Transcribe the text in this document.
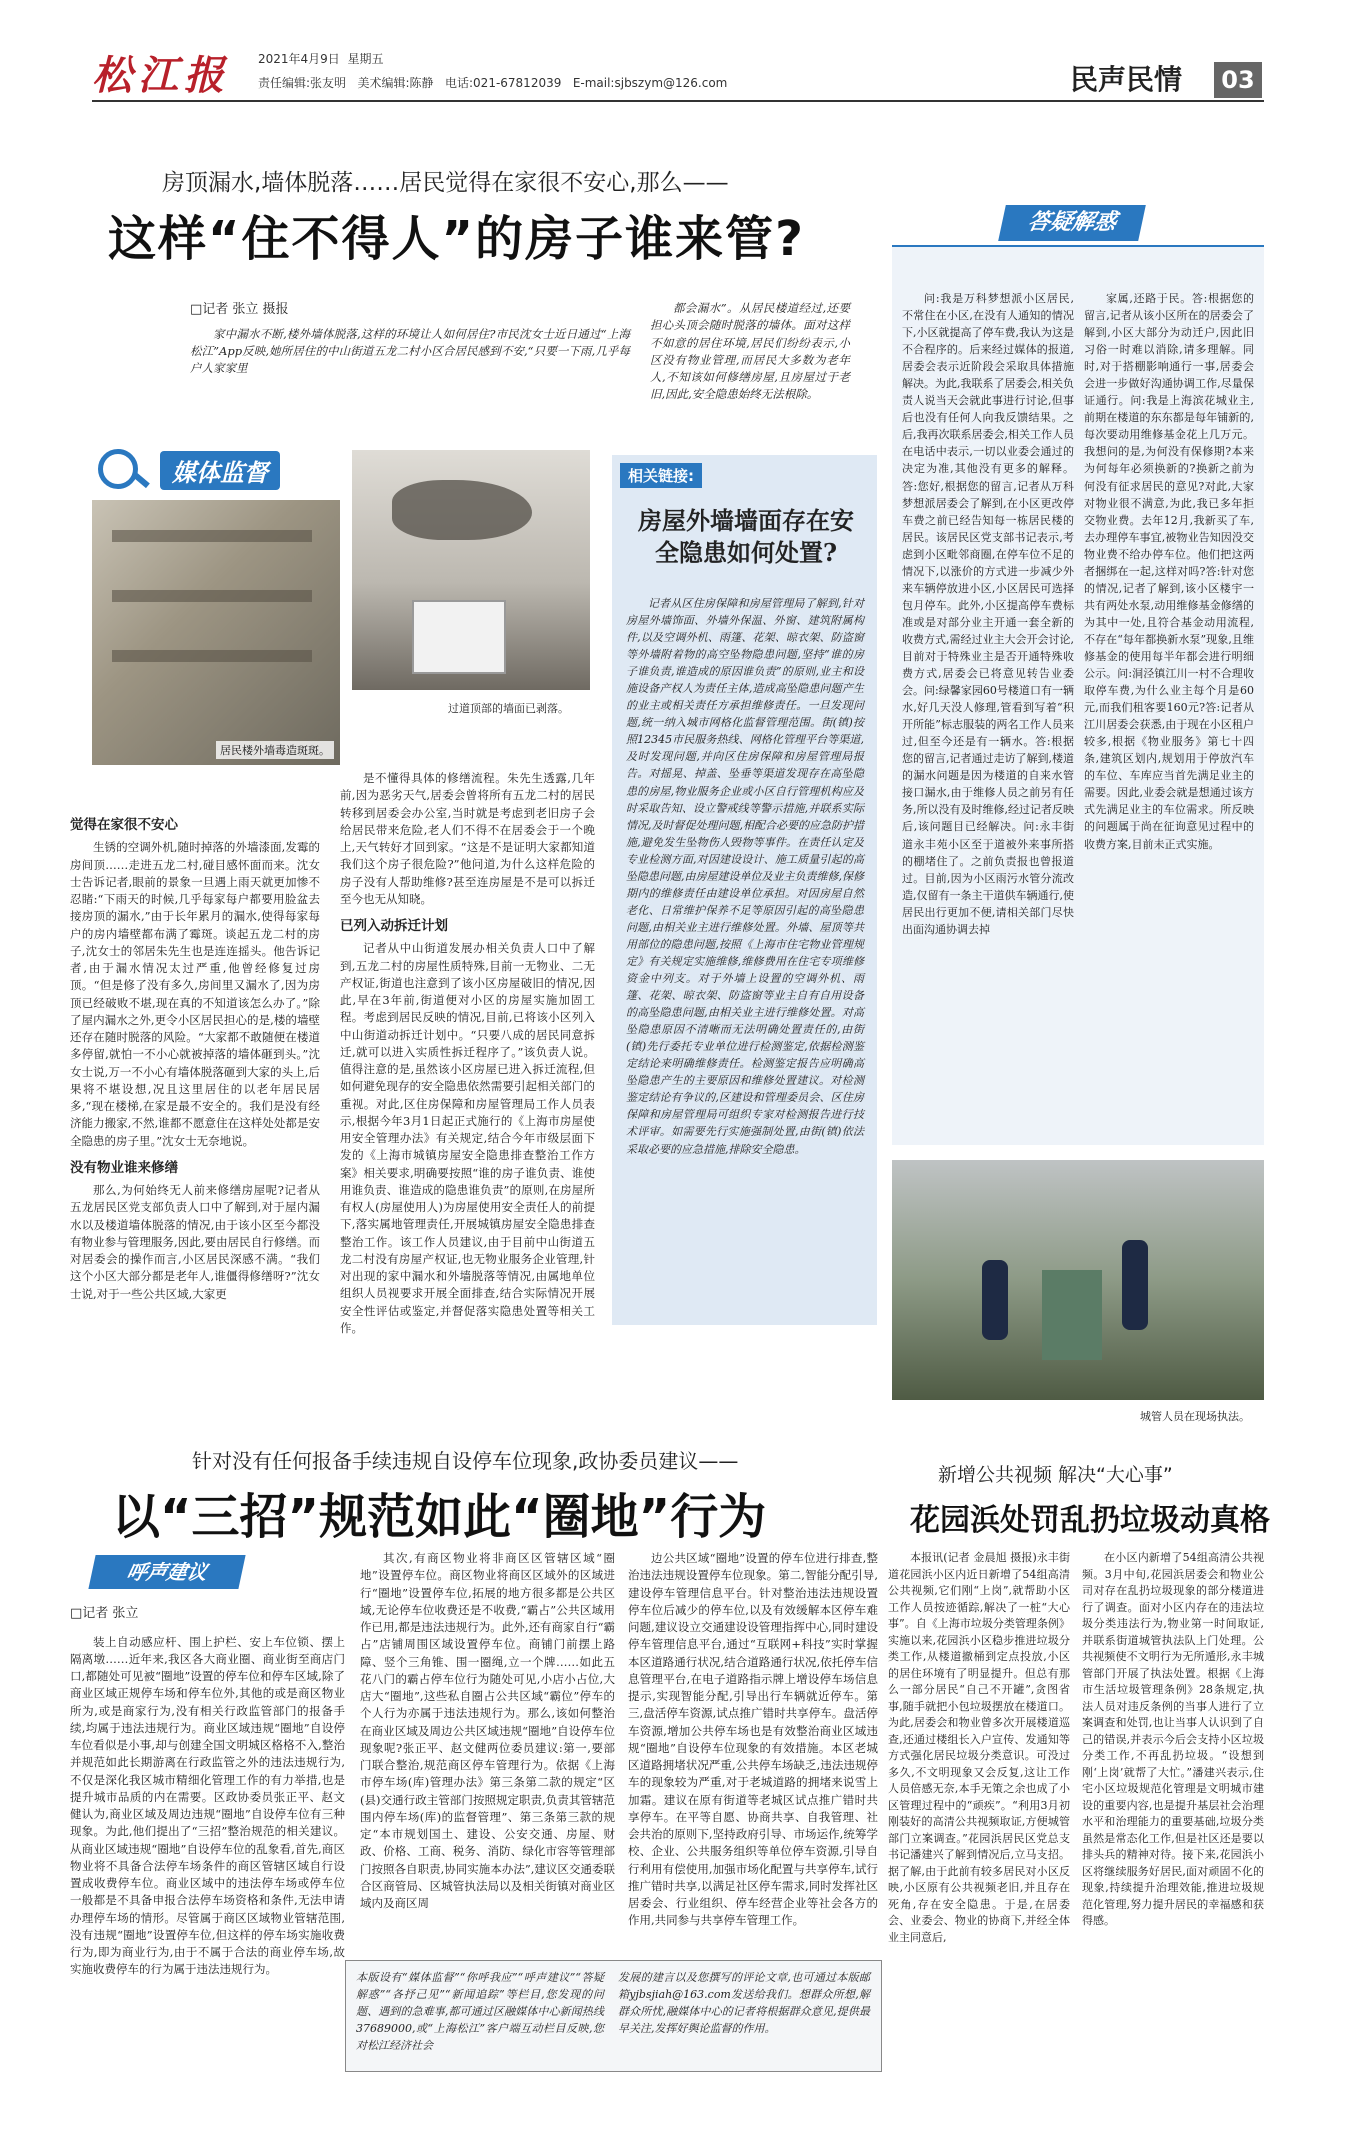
松江报 2021年4月9日 星期五
责任编辑:张友明 美术编辑:陈静 电话:021-67812039 E-mail:sjbszym@126.com	民声民情	03
房顶漏水,墙体脱落……居民觉得在家很不安心,那么——
这样“住不得人”的房子谁来管?
□记者 张立 摄报

家中漏水不断,楼外墙体脱落,这样的环境让人如何居住?市民沈女士近日通过“上海松江”App反映,她所居住的中山街道五龙二村小区合居民感到不安,“只要一下雨,几乎每户人家家里

都会漏水”。从居民楼道经过,还要担心头顶会随时脱落的墙体。面对这样不如意的居住环境,居民们纷纷表示,小区没有物业管理,而居民大多数为老年人,不知该如何修缮房屋,且房屋过于老旧,因此,安全隐患始终无法根除。

媒体监督
居民楼外墙毒造斑斑。
过道顶部的墙面已剥落。
觉得在家很不安心

生锈的空调外机,随时掉落的外墙漆面,发霉的房间顶……走进五龙二村,碰目感怀面而来。沈女士告诉记者,眼前的景象一旦遇上雨天就更加惨不忍睹:“下雨天的时候,几乎每家每户都要用脸盆去接房顶的漏水,”由于长年累月的漏水,使得每家每户的房内墙壁都布满了霉斑。谈起五龙二村的房子,沈女士的邻居朱先生也是连连摇头。他告诉记者,由于漏水情况太过严重,他曾经修复过房顶。“但是修了没有多久,房间里又漏水了,因为房顶已经破败不堪,现在真的不知道该怎么办了。”除了屋内漏水之外,更令小区居民担心的是,楼的墙壁还存在随时脱落的风险。“大家都不敢随便在楼道多停留,就怕一不小心就被掉落的墙体砸到头。”沈女士说,万一不小心有墙体脱落砸到大家的头上,后果将不堪设想,况且这里居住的以老年居民居多,“现在楼梯,在家是最不安全的。我们是没有经济能力搬家,不然,谁都不愿意住在这样处处都是安全隐患的房子里。”沈女士无奈地说。

没有物业谁来修缮

那么,为何始终无人前来修缮房屋呢?记者从五龙居民区党支部负责人口中了解到,对于屋内漏水以及楼道墙体脱落的情况,由于该小区至今都没有物业参与管理服务,因此,要由居民自行修缮。而对居委会的操作而言,小区居民深感不满。“我们这个小区大部分都是老年人,谁僵得修缮呀?”沈女士说,对于一些公共区域,大家更

是不懂得具体的修缮流程。朱先生透露,几年前,因为恶劣天气,居委会曾将所有五龙二村的居民转移到居委会办公室,当时就是考虑到老旧房子会给居民带来危险,老人们不得不在居委会于一个晚上,天气转好才回到家。“这是不是证明大家都知道我们这个房子很危险?”他问道,为什么这样危险的房子没有人帮助维修?甚至连房屋是不是可以拆迁至今也无从知晓。

已列入动拆迁计划

记者从中山街道发展办相关负责人口中了解到,五龙二村的房屋性质特殊,目前一无物业、二无产权证,街道也注意到了该小区房屋破旧的情况,因此,早在3年前,街道便对小区的房屋实施加固工程。考虑到居民反映的情况,目前,已将该小区列入中山街道动拆迁计划中。“只要八成的居民同意拆迁,就可以进入实质性拆迁程序了。”该负责人说。值得注意的是,虽然该小区房屋已进入拆迁流程,但如何避免现存的安全隐患依然需要引起相关部门的重视。对此,区住房保障和房屋管理局工作人员表示,根据今年3月1日起正式施行的《上海市房屋使用安全管理办法》有关规定,结合今年市级层面下发的《上海市城镇房屋安全隐患排查整治工作方案》相关要求,明确要按照“谁的房子谁负责、谁使用谁负责、谁造成的隐患谁负责”的原则,在房屋所有权人(房屋使用人)为房屋使用安全责任人的前提下,落实属地管理责任,开展城镇房屋安全隐患排查整治工作。该工作人员建议,由于目前中山街道五龙二村没有房屋产权证,也无物业服务企业管理,针对出现的家中漏水和外墙脱落等情况,由属地单位组织人员视要求开展全面排查,结合实际情况开展安全性评估或鉴定,并督促落实隐患处置等相关工作。

相关链接:
房屋外墙墙面存在安全隐患如何处置?

记者从区住房保障和房屋管理局了解到,针对房屋外墙饰面、外墙外保温、外窗、建筑附属构件,以及空调外机、雨篷、花架、晾衣架、防盗窗等外墙附着物的高空坠物隐患问题,坚持“谁的房子谁负责,谁造成的原因谁负责”的原则,业主和设施设备产权人为责任主体,造成高坠隐患问题产生的业主或相关责任方承担维修责任。一旦发现问题,统一纳入城市网格化监督管理范围。街(镇)按照12345市民服务热线、网格化管理平台等渠道,及时发现问题,并向区住房保障和房屋管理局报告。对摇晃、掉盖、坠垂等渠道发现存在高坠隐患的房屋,物业服务企业或小区自行管理机构应及时采取告知、设立警戒线等警示措施,并联系实际情况,及时督促处理问题,相配合必要的应急防护措施,避免发生坠物伤人毁物等事件。在责任认定及专业检测方面,对因建设设计、施工质量引起的高坠隐患问题,由房屋建设单位及业主负责维修,保修期内的维修责任由建设单位承担。对因房屋自然老化、日常维护保养不足等原因引起的高坠隐患问题,由相关业主进行维修处置。外墙、屋顶等共用部位的隐患问题,按照《上海市住宅物业管理规定》有关规定实施维修,维修费用在住宅专项维修资金中列支。对于外墙上设置的空调外机、雨篷、花架、晾衣架、防盗窗等业主自有自用设备的高坠隐患问题,由相关业主进行维修处置。对高坠隐患原因不清晰而无法明确处置责任的,由街(镇)先行委托专业单位进行检测鉴定,依据检测鉴定结论来明确维修责任。检测鉴定报告应明确高坠隐患产生的主要原因和维修处置建议。对检测鉴定结论有争议的,区建设和管理委员会、区住房保障和房屋管理局可组织专家对检测报告进行技术评审。如需要先行实施强制处置,由街(镇)依法采取必要的应急措施,排除安全隐患。

答疑解惑

问:我是万科梦想派小区居民,不常住在小区,在没有人通知的情况下,小区就提高了停车费,我认为这是不合程序的。后来经过媒体的报道,居委会表示近阶段会采取具体措施解决。为此,我联系了居委会,相关负责人说当天会就此事进行讨论,但事后也没有任何人向我反馈结果。之后,我再次联系居委会,相关工作人员在电话中表示,一切以业委会通过的决定为准,其他没有更多的解释。答:您好,根据您的留言,记者从万科梦想派居委会了解到,在小区更改停车费之前已经告知每一栋居民楼的居民。该居民区党支部书记表示,考虑到小区毗邻商圈,在停车位不足的情况下,以涨价的方式进一步减少外来车辆停放进小区,小区居民可选择包月停车。此外,小区提高停车费标准或是对部分业主开通一套全新的收费方式,需经过业主大会开会讨论,目前对于特殊业主是否开通特殊收费方式,居委会已将意见转告业委会。问:绿馨家园60号楼道口有一辆水,好几天没人修理,管看到写着“积开所能”标志服装的两名工作人员来过,但至今还是有一辆水。答:根据您的留言,记者通过走访了解到,楼道的漏水问题是因为楼道的自来水管接口漏水,由于维修人员之前另有任务,所以没有及时维修,经过记者反映后,该问题目已经解决。问:永丰街道永丰苑小区至于道被外来事所搭的棚堵住了。之前负责报也曾报道过。目前,因为小区雨污水管分流改造,仅留有一条主干道供车辆通行,使居民出行更加不便,请相关部门尽快出面沟通协调去掉

家属,还路于民。答:根据您的留言,记者从该小区所在的居委会了解到,小区大部分为动迁户,因此旧习俗一时难以消除,请多理解。同时,对于搭棚影响通行一事,居委会会进一步做好沟通协调工作,尽量保证通行。问:我是上海滨花城业主,前期在楼道的东东都是每年铺新的,每次要动用维修基金花上几万元。我想问的是,为何没有保修期?本来为何每年必须换新的?换新之前为何没有征求居民的意见?对此,大家对物业很不满意,为此,我已多年拒交物业费。去年12月,我新买了车,去办理停车事宜,被物业告知因没交物业费不给办停车位。他们把这两者捆绑在一起,这样对吗?答:针对您的情况,记者了解到,该小区楼宇一共有两处水泵,动用维修基金修缮的为其中一处,且符合基金动用流程,不存在“每年都换新水泵”现象,且维修基金的使用每半年都会进行明细公示。问:洞泾镇江川一村不合理收取停车费,为什么业主每个月是60元,而我们租客要160元?答:记者从江川居委会获悉,由于现在小区租户较多,根据《物业服务》第七十四条,建筑区划内,规划用于停放汽车的车位、车库应当首先满足业主的需要。因此,业委会就是想通过该方式先满足业主的车位需求。所反映的问题属于尚在征询意见过程中的收费方案,目前未正式实施。

城管人员在现场执法。
新增公共视频 解决“大心事”
花园浜处罚乱扔垃圾动真格

本报讯(记者 金晨旭 摄报)永丰街道花园浜小区内近日新增了54组高清公共视频,它们刚“上岗”,就帮助小区工作人员按迹循踪,解决了一桩“大心事”。自《上海市垃圾分类管理条例》实施以来,花园浜小区稳步推进垃圾分类工作,从楼道撤桶到定点投放,小区的居住环境有了明显提升。但总有那么一部分居民“自己不开罐”,贪图省事,随手就把小包垃圾摆放在楼道口。为此,居委会和物业曾多次开展楼道巡查,还通过楼组长入户宣传、发通知等方式强化居民垃圾分类意识。可没过多久,不文明现象又会反复,这让工作人员倍感无奈,本手无策之余也成了小区管理过程中的“顽疾”。“利用3月初刚装好的高清公共视频取证,方便城管部门立案调查。”花园浜居民区党总支书记潘建兴了解到情况后,立马支招。据了解,由于此前有较多居民对小区反映,小区原有公共视频老旧,并且存在死角,存在安全隐患。于是,在居委会、业委会、物业的协商下,并经全体业主同意后,

在小区内新增了54组高清公共视频。3月中旬,花园浜居委会和物业公司对存在乱扔垃圾现象的部分楼道进行了调查。面对小区内存在的违法垃圾分类违法行为,物业第一时间取证,并联系街道城管执法队上门处理。公共视频使不文明行为无所遁形,永丰城管部门开展了执法处置。根据《上海市生活垃圾管理条例》28条规定,执法人员对违反条例的当事人进行了立案调查和处罚,也让当事人认识到了自己的错误,并表示今后会支持小区垃圾分类工作,不再乱扔垃圾。“设想到刚‘上岗’就帮了大忙。”潘建兴表示,住宅小区垃圾规范化管理是文明城市建设的重要内容,也是提升基层社会治理水平和治理能力的重要基础,垃圾分类虽然是常态化工作,但是社区还是要以排头兵的精神对待。接下来,花园浜小区将继续服务好居民,面对顽固不化的现象,持续提升治理效能,推进垃圾规范化管理,努力提升居民的幸福感和获得感。

针对没有任何报备手续违规自设停车位现象,政协委员建议——
以“三招”规范如此“圈地”行为
呼声建议
□记者 张立

装上自动感应杆、围上护栏、安上车位锁、摆上隔离墩……近年来,我区各大商业圈、商业街至商店门口,都随处可见被“圈地”设置的停车位和停车区域,除了商业区域正规停车场和停车位外,其他的或是商区物业所为,或是商家行为,没有相关行政监管部门的报备手续,均属于违法违规行为。商业区域违规“圈地”自设停车位看似是小事,却与创建全国文明城区格格不入,整治并规范如此长期游离在行政监管之外的违法违规行为,不仅是深化我区城市精细化管理工作的有力举措,也是提升城市品质的内在需要。区政协委员张正平、赵文健认为,商业区域及周边违规“圈地”自设停车位有三种现象。为此,他们提出了“三招”整治规范的相关建议。从商业区域违规“圈地”自设停车位的乱象看,首先,商区物业将不具备合法停车场条件的商区管辖区域自行设置成收费停车位。商业区域中的违法停车场或停车位一般都是不具备申报合法停车场资格和条件,无法申请办理停车场的情形。尽管属于商区区域物业管辖范围,没有违规“圈地”设置停车位,但这样的停车场实施收费行为,即为商业行为,由于不属于合法的商业停车场,故实施收费停车的行为属于违法违规行为。

其次,有商区物业将非商区区管辖区域“圈地”设置停车位。商区物业将商区区域外的区域进行“圈地”设置停车位,拓展的地方很多都是公共区域,无论停车位收费还是不收费,“霸占”公共区域用作已用,都是违法违规行为。此外,还有商家自行“霸占”店铺周围区域设置停车位。商铺门前摆上路障、竖个三角锥、围一圈绳,立一个牌……如此五花八门的霸占停车位行为随处可见,小店小占位,大店大“圈地”,这些私自圈占公共区域“霸位”停车的个人行为亦属于违法违规行为。那么,该如何整治在商业区域及周边公共区域违规“圈地”自设停车位现象呢?张正平、赵文健两位委员建议:第一,要部门联合整治,规范商区停车管理行为。依据《上海市停车场(库)管理办法》第三条第二款的规定“区(县)交通行政主管部门按照规定职责,负责其管辖范围内停车场(库)的监督管理”、第三条第三款的规定“本市规划国土、建设、公安交通、房屋、财政、价格、工商、税务、消防、绿化市容等管理部门按照各自职责,协同实施本办法”,建议区交通委联合区商管局、区城管执法局以及相关街镇对商业区域内及商区周

边公共区域“圈地”设置的停车位进行排查,整治违法违规设置停车位现象。第二,智能分配引导,建设停车管理信息平台。针对整治违法违规设置停车位后减少的停车位,以及有效缓解本区停车难问题,建议设立交通建设设管理指挥中心,同时建设停车管理信息平台,通过“互联网+科技”实时掌握本区道路通行状况,结合道路通行状况,依托停车信息管理平台,在电子道路指示牌上增设停车场信息提示,实现智能分配,引导出行车辆就近停车。第三,盘活停车资源,试点推广错时共享停车。盘活停车资源,增加公共停车场也是有效整治商业区域违规“圈地”自设停车位现象的有效措施。本区老城区道路拥堵状况严重,公共停车场缺乏,违法违规停车的现象较为严重,对于老城道路的拥堵来说雪上加霜。建议在原有街道等老城区试点推广错时共享停车。在平等自愿、协商共享、自我管理、社会共治的原则下,坚持政府引导、市场运作,统筹学校、企业、公共服务组织等单位停车资源,引导自行利用有偿使用,加强市场化配置与共享停车,试行推广错时共享,以满足社区停车需求,同时发挥社区居委会、行业组织、停车经营企业等社会各方的作用,共同参与共享停车管理工作。

本版设有“媒体监督”“你呼我应”“呼声建议”“答疑解惑”“各抒己见”“新闻追踪”等栏目,您发现的问题、遇到的急难事,都可通过区融媒体中心新闻热线37689000,或“上海松江”客户端互动栏目反映,您对松江经济社会

发展的建言以及您撰写的评论文章,也可通过本版邮箱yjbsjiah@163.com发送给我们。想群众所想,解群众所忧,融媒体中心的记者将根据群众意见,提供最早关注,发挥好舆论监督的作用。
